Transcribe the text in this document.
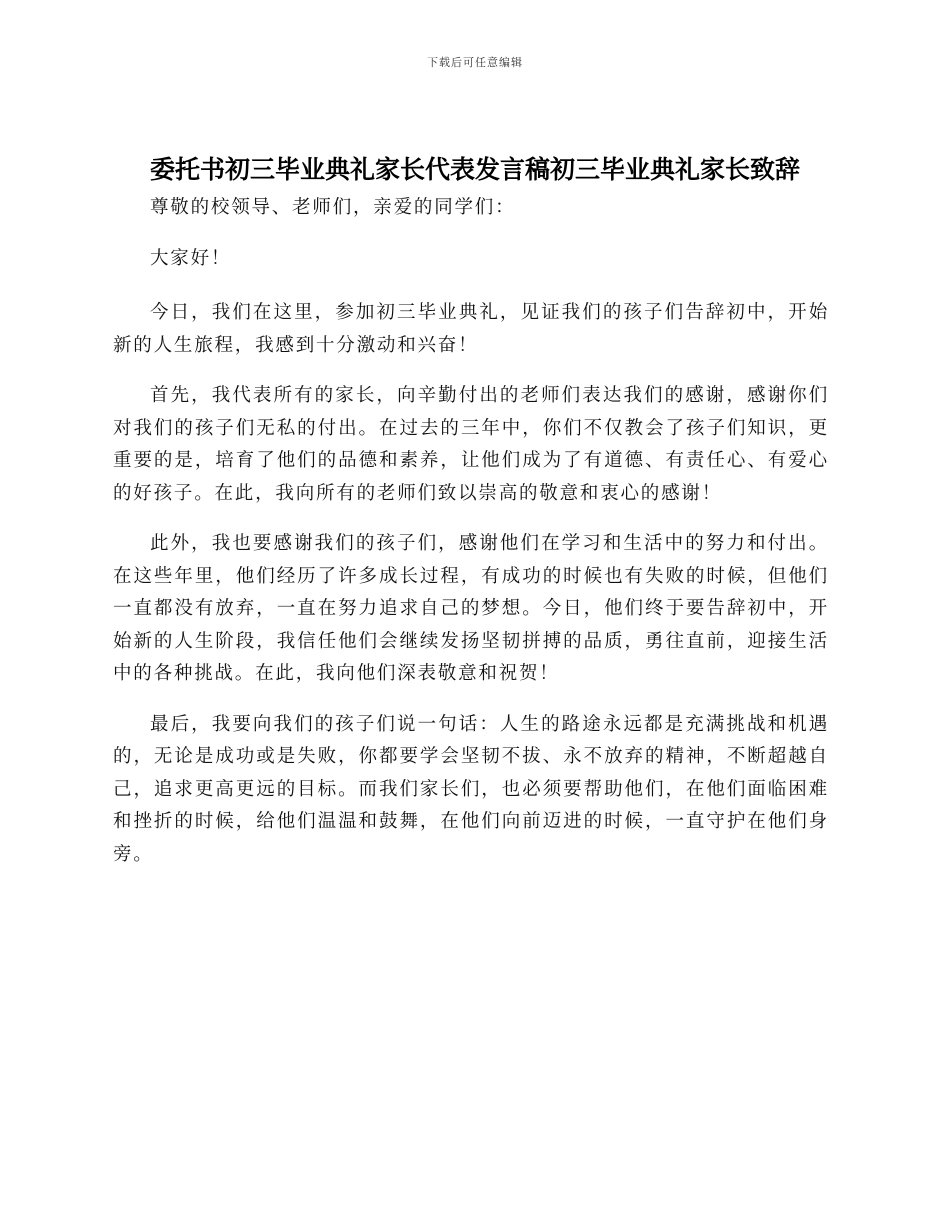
下载后可任意编辑
委托书初三毕业典礼家长代表发言稿初三毕业典礼家长致辞

尊敬的校领导、老师们，亲爱的同学们：

大家好！

今日，我们在这里，参加初三毕业典礼，见证我们的孩子们告辞初中，开始新的人生旅程，我感到十分激动和兴奋！

首先，我代表所有的家长，向辛勤付出的老师们表达我们的感谢，感谢你们对我们的孩子们无私的付出。在过去的三年中，你们不仅教会了孩子们知识，更重要的是，培育了他们的品德和素养，让他们成为了有道德、有责任心、有爱心的好孩子。在此，我向所有的老师们致以崇高的敬意和衷心的感谢！

此外，我也要感谢我们的孩子们，感谢他们在学习和生活中的努力和付出。在这些年里，他们经历了许多成长过程，有成功的时候也有失败的时候，但他们一直都没有放弃，一直在努力追求自己的梦想。今日，他们终于要告辞初中，开始新的人生阶段，我信任他们会继续发扬坚韧拼搏的品质，勇往直前，迎接生活中的各种挑战。在此，我向他们深表敬意和祝贺！

最后，我要向我们的孩子们说一句话：人生的路途永远都是充满挑战和机遇的，无论是成功或是失败，你都要学会坚韧不拔、永不放弃的精神，不断超越自己，追求更高更远的目标。而我们家长们，也必须要帮助他们，在他们面临困难和挫折的时候，给他们温温和鼓舞，在他们向前迈进的时候，一直守护在他们身旁。
